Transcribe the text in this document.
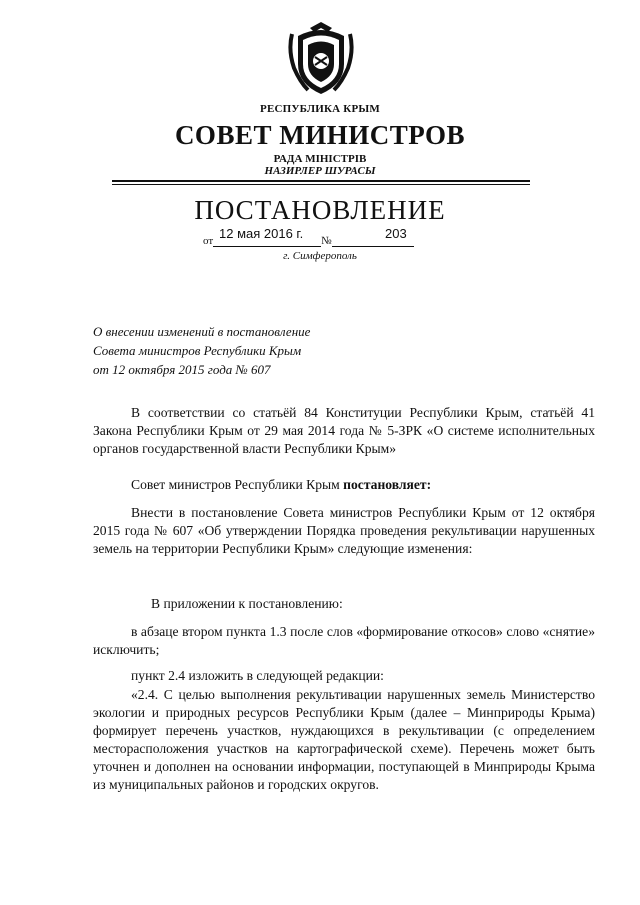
РЕСПУБЛИКА КРЫМ
СОВЕТ МИНИСТРОВ
РАДА МІНІСТРІВ
НАЗИРЛЕР ШУРАСЫ
ПОСТАНОВЛЕНИЕ
от	№
12 мая 2016 г.	203
г. Симферополь
О внесении изменений в постановление
Совета министров Республики Крым
от 12 октября 2015 года № 607

В соответствии со статьёй 84 Конституции Республики Крым, статьёй 41 Закона Республики Крым от 29 мая 2014 года № 5-ЗРК «О системе исполнительных органов государственной власти Республики Крым»

Совет министров Республики Крым постановляет:

Внести в постановление Совета министров Республики Крым от 12 октября 2015 года № 607 «Об утверждении Порядка проведения рекультивации нарушенных земель на территории Республики Крым» следующие изменения:

В приложении к постановлению:

в абзаце втором пункта 1.3 после слов «формирование откосов» слово «снятие» исключить;

пункт 2.4 изложить в следующей редакции:

«2.4. С целью выполнения рекультивации нарушенных земель Министерство экологии и природных ресурсов Республики Крым (далее – Минприроды Крыма) формирует перечень участков, нуждающихся в рекультивации (с определением месторасположения участков на картографической схеме). Перечень может быть уточнен и дополнен на основании информации, поступающей в Минприроды Крыма из муниципальных районов и городских округов.
